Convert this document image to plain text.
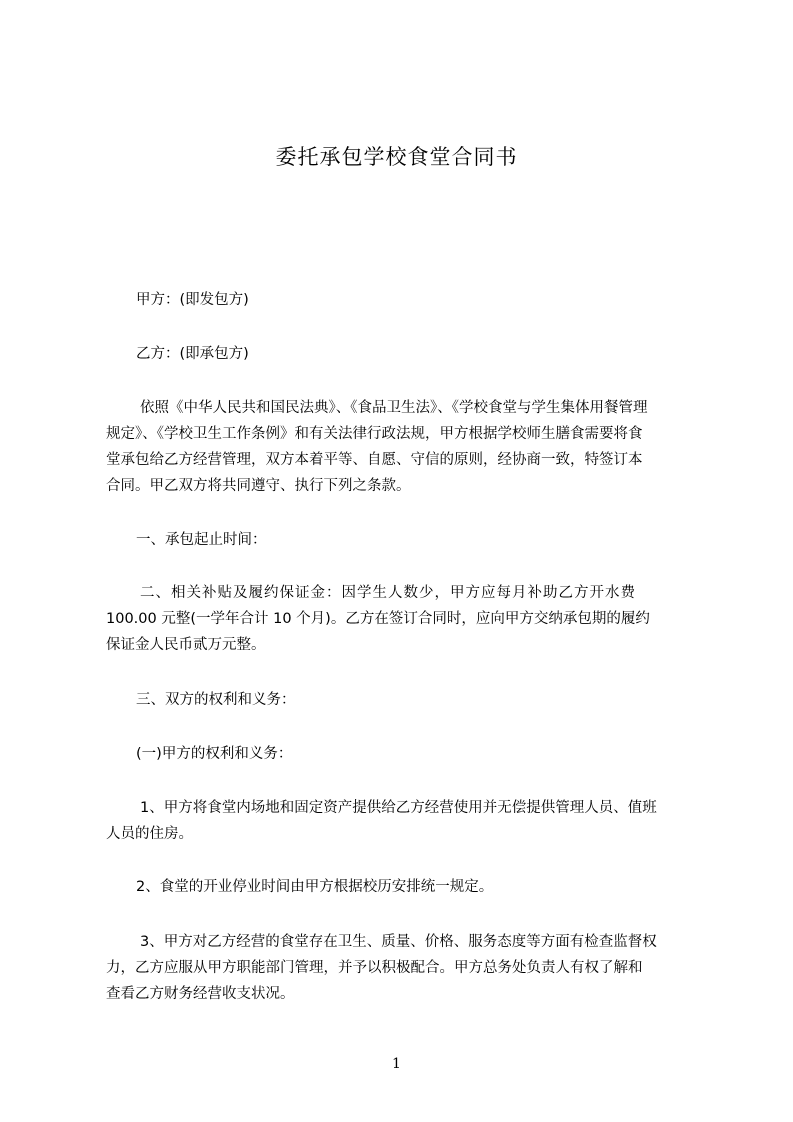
委托承包学校食堂合同书
甲方：(即发包方)
乙方：(即承包方)
依照《中华人民共和国民法典》、《食品卫生法》、《学校食堂与学生集体用餐管理
规定》、《学校卫生工作条例》和有关法律行政法规，甲方根据学校师生膳食需要将食
堂承包给乙方经营管理，双方本着平等、自愿、守信的原则，经协商一致，特签订本
合同。甲乙双方将共同遵守、执行下列之条款。
一、承包起止时间：
二、相关补贴及履约保证金：因学生人数少，甲方应每月补助乙方开水费
100.00 元整(一学年合计 10 个月)。乙方在签订合同时，应向甲方交纳承包期的履约
保证金人民币贰万元整。
三、双方的权利和义务：
(一)甲方的权利和义务：
1、甲方将食堂内场地和固定资产提供给乙方经营使用并无偿提供管理人员、值班
人员的住房。
2、食堂的开业停业时间由甲方根据校历安排统一规定。
3、甲方对乙方经营的食堂存在卫生、质量、价格、服务态度等方面有检查监督权
力，乙方应服从甲方职能部门管理，并予以积极配合。甲方总务处负责人有权了解和
查看乙方财务经营收支状况。
1
